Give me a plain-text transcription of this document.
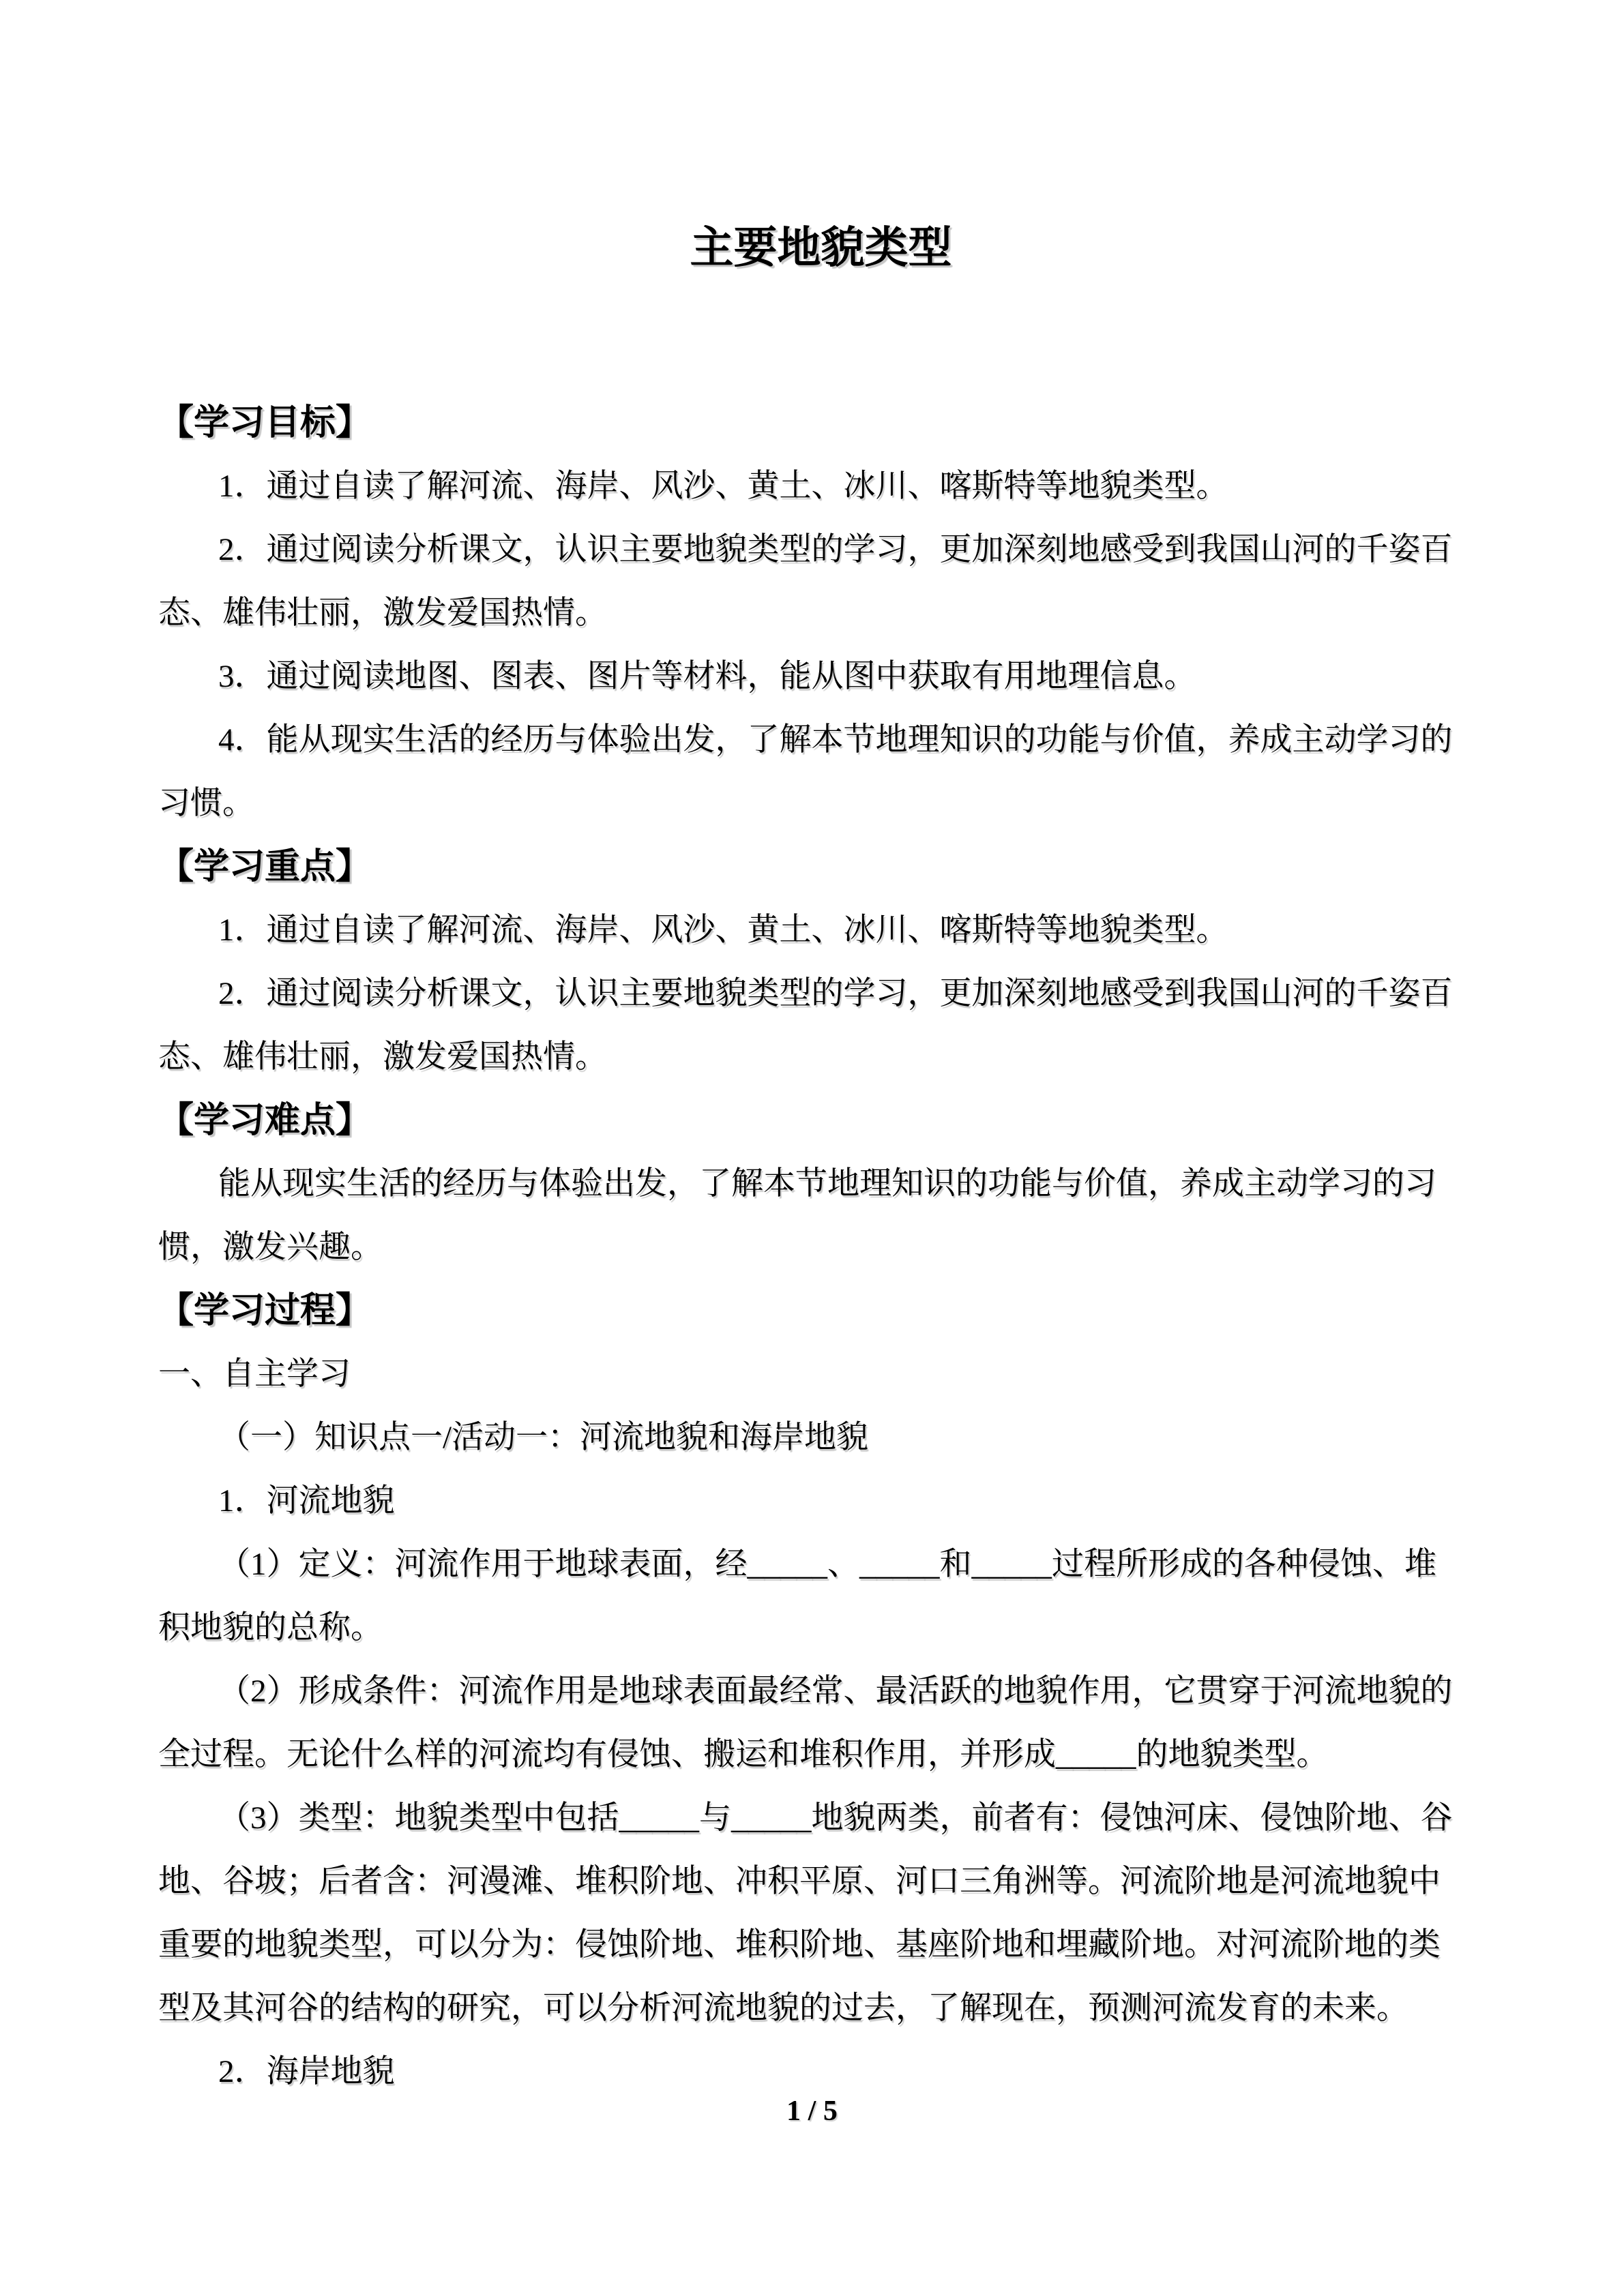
主要地貌类型
【学习目标】
1．通过自读了解河流、海岸、风沙、黄土、冰川、喀斯特等地貌类型。
2．通过阅读分析课文，认识主要地貌类型的学习，更加深刻地感受到我国山河的千姿百
态、雄伟壮丽，激发爱国热情。
3．通过阅读地图、图表、图片等材料，能从图中获取有用地理信息。
4．能从现实生活的经历与体验出发，了解本节地理知识的功能与价值，养成主动学习的
习惯。
【学习重点】
1．通过自读了解河流、海岸、风沙、黄土、冰川、喀斯特等地貌类型。
2．通过阅读分析课文，认识主要地貌类型的学习，更加深刻地感受到我国山河的千姿百
态、雄伟壮丽，激发爱国热情。
【学习难点】
能从现实生活的经历与体验出发，了解本节地理知识的功能与价值，养成主动学习的习
惯，激发兴趣。
【学习过程】
一、自主学习
（一）知识点一/活动一：河流地貌和海岸地貌
1．河流地貌
（1）定义：河流作用于地球表面，经_____、_____和_____过程所形成的各种侵蚀、堆
积地貌的总称。
（2）形成条件：河流作用是地球表面最经常、最活跃的地貌作用，它贯穿于河流地貌的
全过程。无论什么样的河流均有侵蚀、搬运和堆积作用，并形成_____的地貌类型。
（3）类型：地貌类型中包括_____与_____地貌两类，前者有：侵蚀河床、侵蚀阶地、谷
地、谷坡；后者含：河漫滩、堆积阶地、冲积平原、河口三角洲等。河流阶地是河流地貌中
重要的地貌类型，可以分为：侵蚀阶地、堆积阶地、基座阶地和埋藏阶地。对河流阶地的类
型及其河谷的结构的研究，可以分析河流地貌的过去，了解现在，预测河流发育的未来。
2．海岸地貌
1 / 5
